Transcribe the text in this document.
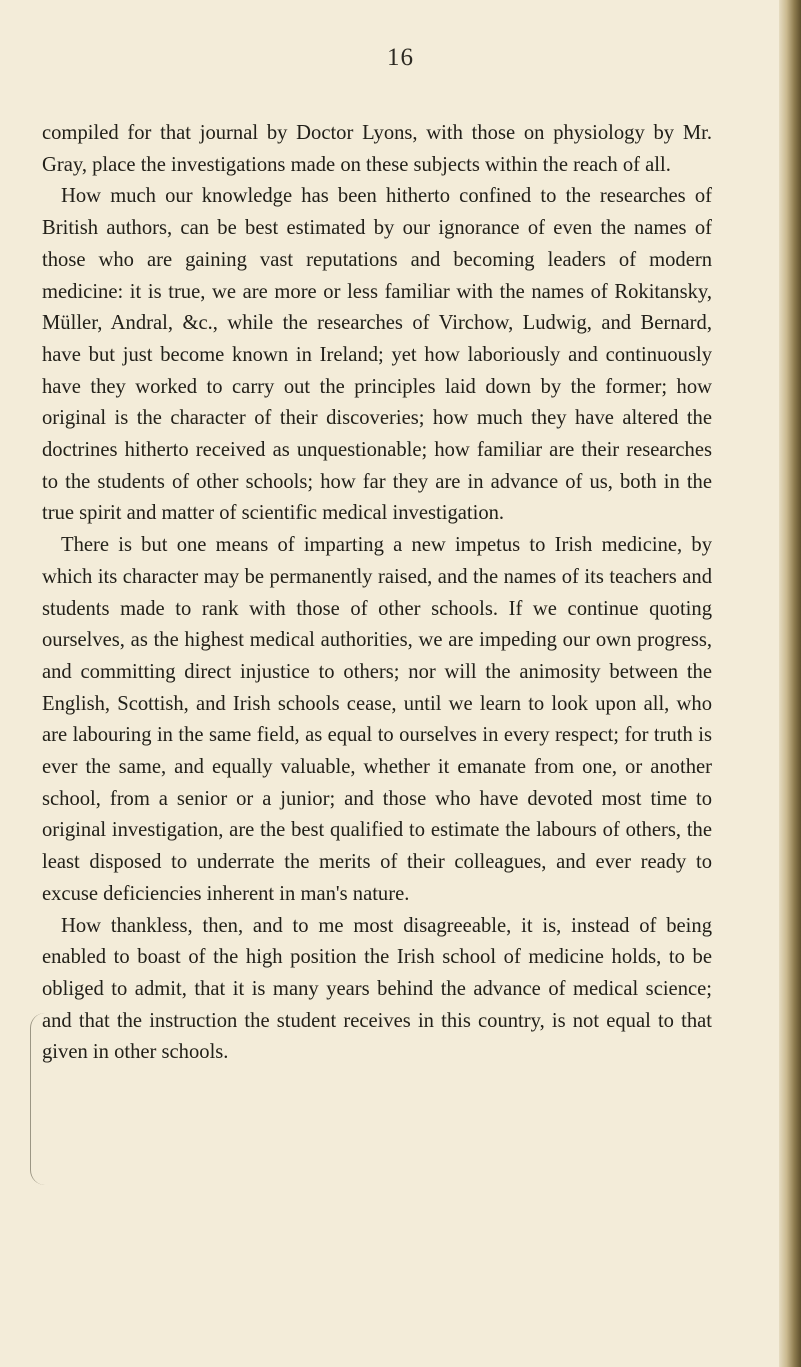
16

compiled for that journal by Doctor Lyons, with those on physiology by Mr. Gray, place the investigations made on these subjects within the reach of all.

How much our knowledge has been hitherto confined to the researches of British authors, can be best estimated by our ignorance of even the names of those who are gaining vast reputations and becoming leaders of modern medicine: it is true, we are more or less familiar with the names of Rokitansky, Müller, Andral, &c., while the researches of Virchow, Ludwig, and Bernard, have but just become known in Ireland; yet how laboriously and continuously have they worked to carry out the principles laid down by the former; how original is the character of their discoveries; how much they have altered the doctrines hitherto received as unquestionable; how familiar are their researches to the students of other schools; how far they are in advance of us, both in the true spirit and matter of scientific medical investigation.

There is but one means of imparting a new impetus to Irish medicine, by which its character may be permanently raised, and the names of its teachers and students made to rank with those of other schools. If we continue quoting ourselves, as the highest medical authorities, we are impeding our own progress, and committing direct injustice to others; nor will the animosity between the English, Scottish, and Irish schools cease, until we learn to look upon all, who are labouring in the same field, as equal to ourselves in every respect; for truth is ever the same, and equally valuable, whether it emanate from one, or another school, from a senior or a junior; and those who have devoted most time to original investigation, are the best qualified to estimate the labours of others, the least disposed to underrate the merits of their colleagues, and ever ready to excuse deficiencies inherent in man's nature.

How thankless, then, and to me most disagreeable, it is, instead of being enabled to boast of the high position the Irish school of medicine holds, to be obliged to admit, that it is many years behind the advance of medical science; and that the instruction the student receives in this country, is not equal to that given in other schools.
